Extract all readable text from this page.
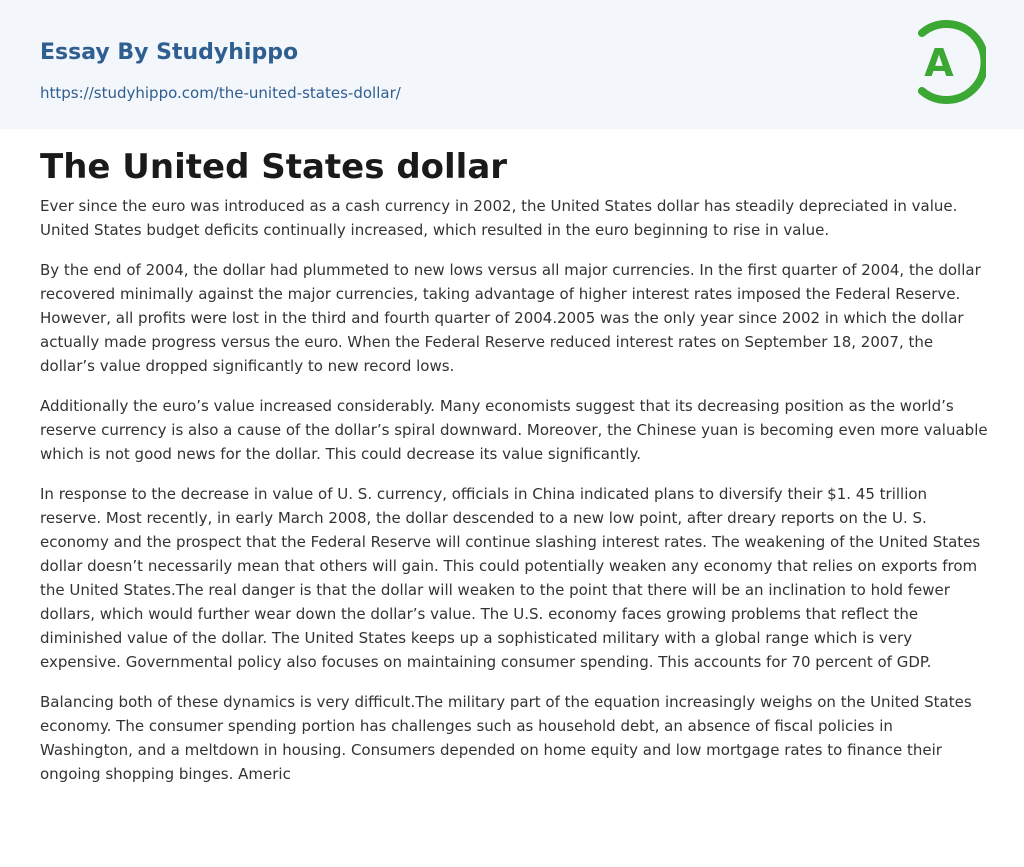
Essay By Studyhippo
https://studyhippo.com/the-united-states-dollar/
A
The United States dollar

Ever since the euro was introduced as a cash currency in 2002, the United States dollar has steadily depreciated in value. United States budget deficits continually increased, which resulted in the euro beginning to rise in value.

By the end of 2004, the dollar had plummeted to new lows versus all major currencies. In the first quarter of 2004, the dollar recovered minimally against the major currencies, taking advantage of higher interest rates imposed the Federal Reserve. However, all profits were lost in the third and fourth quarter of 2004.2005 was the only year since 2002 in which the dollar actually made progress versus the euro. When the Federal Reserve reduced interest rates on September 18, 2007, the dollar’s value dropped significantly to new record lows.

Additionally the euro’s value increased considerably. Many economists suggest that its decreasing position as the world’s reserve currency is also a cause of the dollar’s spiral downward. Moreover, the Chinese yuan is becoming even more valuable which is not good news for the dollar. This could decrease its value significantly.

In response to the decrease in value of U. S. currency, officials in China indicated plans to diversify their $1. 45 trillion reserve. Most recently, in early March 2008, the dollar descended to a new low point, after dreary reports on the U. S. economy and the prospect that the Federal Reserve will continue slashing interest rates. The weakening of the United States dollar doesn’t necessarily mean that others will gain. This could potentially weaken any economy that relies on exports from the United States.The real danger is that the dollar will weaken to the point that there will be an inclination to hold fewer dollars, which would further wear down the dollar’s value. The U.S. economy faces growing problems that reflect the diminished value of the dollar. The United States keeps up a sophisticated military with a global range which is very expensive. Governmental policy also focuses on maintaining consumer spending. This accounts for 70 percent of GDP.

Balancing both of these dynamics is very difficult.The military part of the equation increasingly weighs on the United States economy. The consumer spending portion has challenges such as household debt, an absence of fiscal policies in Washington, and a meltdown in housing. Consumers depended on home equity and low mortgage rates to finance their ongoing shopping binges. Americ
